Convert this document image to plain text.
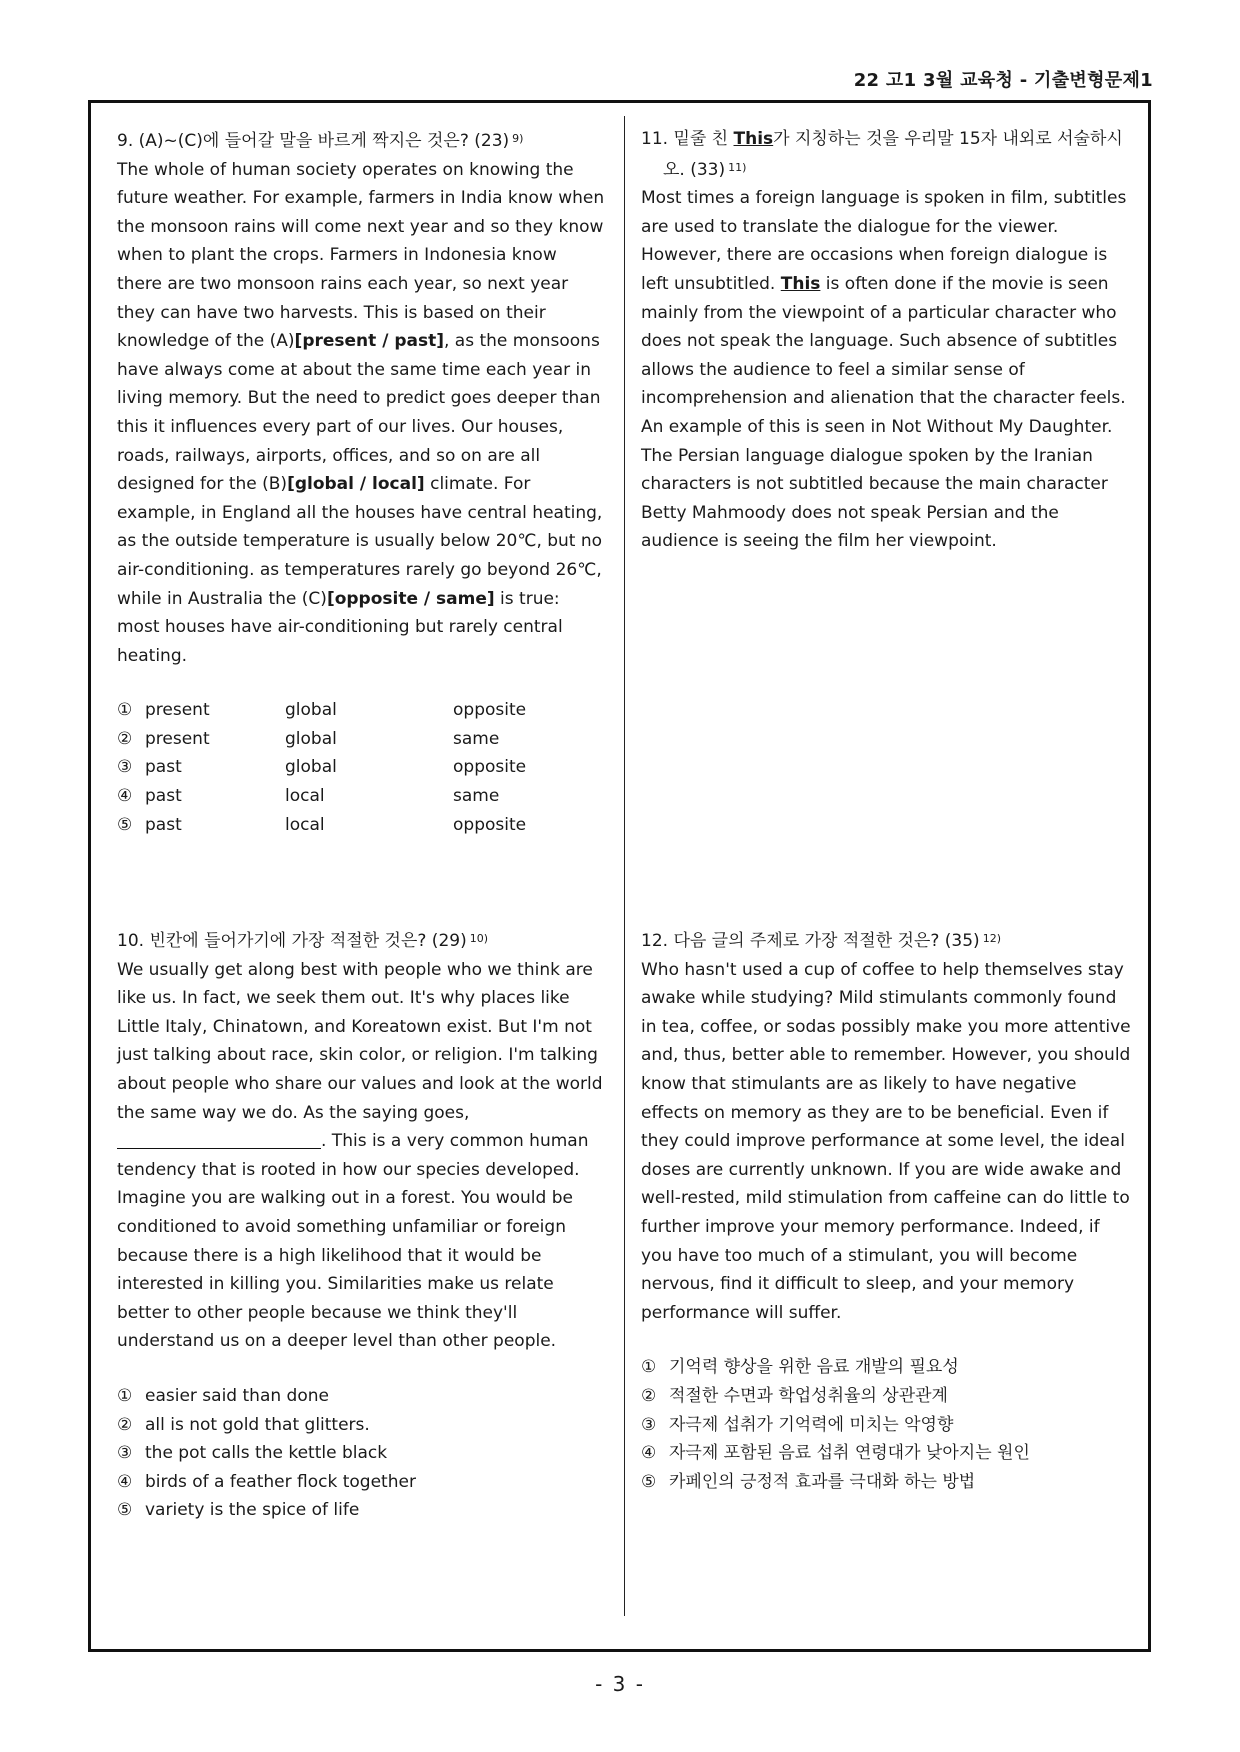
22 고1 3월 교육청 - 기출변형문제1

9. (A)~(C)에 들어갈 말을 바르게 짝지은 것은? (23) $^{9)}$

The whole of human society operates on knowing the future weather. For example, farmers in India know when the monsoon rains will come next year and so they know when to plant the crops. Farmers in Indonesia know there are two monsoon rains each year, so next year they can have two harvests. This is based on their knowledge of the (A)[present / past], as the monsoons have always come at about the same time each year in living memory. But the need to predict goes deeper than this it influences every part of our lives. Our houses, roads, railways, airports, offices, and so on are all designed for the (B)[global / local] climate. For example, in England all the houses have central heating, as the outside temperature is usually below 20℃, but no air-conditioning. as temperatures rarely go beyond 26℃, while in Australia the (C)[opposite / same] is true: most houses have air-conditioning but rarely central heating.

① present	global	opposite

② present	global	same

③ past	global	opposite

④ past	local	same

⑤ past	local	opposite

10. 빈칸에 들어가기에 가장 적절한 것은? (29) $^{10)}$

We usually get along best with people who we think are like us. In fact, we seek them out. It's why places like Little Italy, Chinatown, and Koreatown exist. But I'm not just talking about race, skin color, or religion. I'm talking about people who share our values and look at the world the same way we do. As the saying goes, . This is a very common human tendency that is rooted in how our species developed. Imagine you are walking out in a forest. You would be conditioned to avoid something unfamiliar or foreign because there is a high likelihood that it would be interested in killing you. Similarities make us relate better to other people because we think they'll understand us on a deeper level than other people.

① easier said than done

② all is not gold that glitters.

③ the pot calls the kettle black

④ birds of a feather flock together

⑤ variety is the spice of life

11. 밑줄 친 This가 지칭하는 것을 우리말 15자 내외로 서술하시오. (33) $^{11)}$

Most times a foreign language is spoken in film, subtitles are used to translate the dialogue for the viewer. However, there are occasions when foreign dialogue is left unsubtitled. This is often done if the movie is seen mainly from the viewpoint of a particular character who does not speak the language. Such absence of subtitles allows the audience to feel a similar sense of incomprehension and alienation that the character feels. An example of this is seen in Not Without My Daughter. The Persian language dialogue spoken by the Iranian characters is not subtitled because the main character Betty Mahmoody does not speak Persian and the audience is seeing the film her viewpoint.

12. 다음 글의 주제로 가장 적절한 것은? (35) $^{12)}$

Who hasn't used a cup of coffee to help themselves stay awake while studying? Mild stimulants commonly found in tea, coffee, or sodas possibly make you more attentive and, thus, better able to remember. However, you should know that stimulants are as likely to have negative effects on memory as they are to be beneficial. Even if they could improve performance at some level, the ideal doses are currently unknown. If you are wide awake and well-rested, mild stimulation from caffeine can do little to further improve your memory performance. Indeed, if you have too much of a stimulant, you will become nervous, find it difficult to sleep, and your memory performance will suffer.

① 기억력 향상을 위한 음료 개발의 필요성

② 적절한 수면과 학업성취율의 상관관계

③ 자극제 섭취가 기억력에 미치는 악영향

④ 자극제 포함된 음료 섭취 연령대가 낮아지는 원인

⑤ 카페인의 긍정적 효과를 극대화 하는 방법

- 3 -
